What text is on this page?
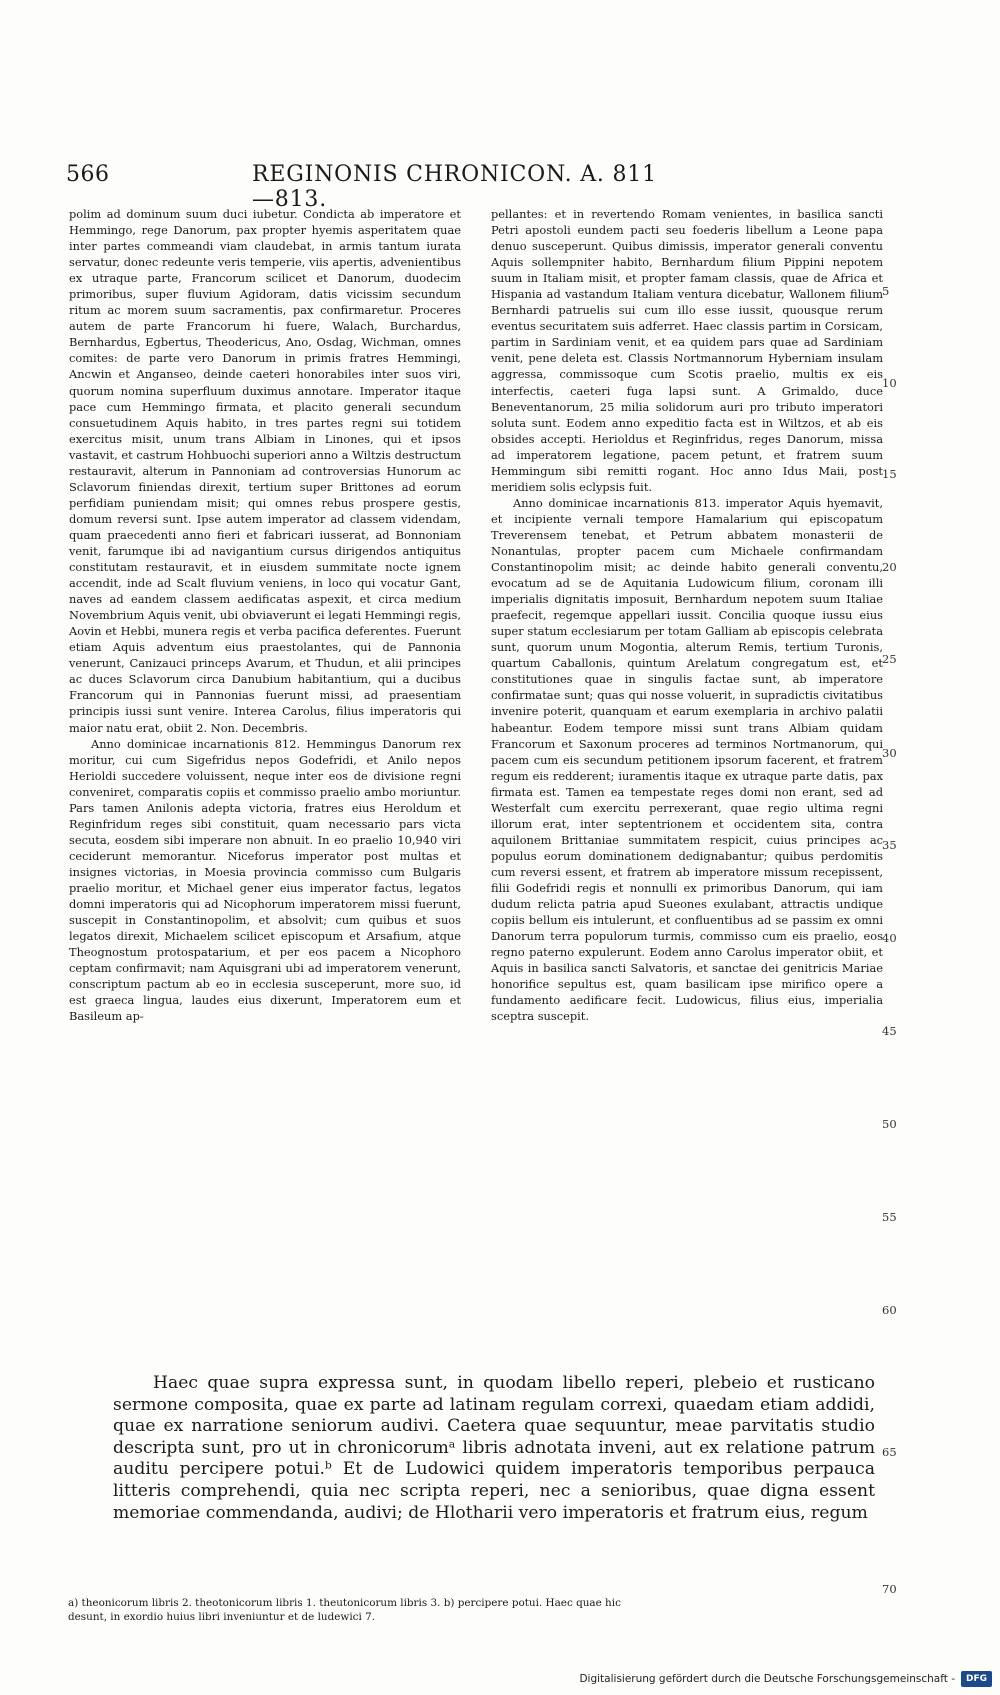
566	REGINONIS CHRONICON. A. 811—813.

polim ad dominum suum duci iubetur. Condicta ab imperatore et Hemmingo, rege Danorum, pax propter hyemis asperitatem quae inter partes commeandi viam claudebat, in armis tantum iurata servatur, donec redeunte veris temperie, viis apertis, advenientibus ex utraque parte, Francorum scilicet et Danorum, duodecim primoribus, super fluvium Agidoram, datis vicissim secundum ritum ac morem suum sacramentis, pax confirmaretur. Proceres autem de parte Francorum hi fuere, Walach, Burchardus, Bernhardus, Egbertus, Theodericus, Ano, Osdag, Wichman, omnes comites: de parte vero Danorum in primis fratres Hemmingi, Ancwin et Anganseo, deinde caeteri honorabiles inter suos viri, quorum nomina superfluum duximus annotare. Imperator itaque pace cum Hemmingo firmata, et placito generali secundum consuetudinem Aquis habito, in tres partes regni sui totidem exercitus misit, unum trans Albiam in Linones, qui et ipsos vastavit, et castrum Hohbuochi superiori anno a Wiltzis destructum restauravit, alterum in Pannoniam ad controversias Hunorum ac Sclavorum finiendas direxit, tertium super Brittones ad eorum perfidiam puniendam misit; qui omnes rebus prospere gestis, domum reversi sunt. Ipse autem imperator ad classem videndam, quam praecedenti anno fieri et fabricari iusserat, ad Bonnoniam venit, farumque ibi ad navigantium cursus dirigendos antiquitus constitutam restauravit, et in eiusdem summitate nocte ignem accendit, inde ad Scalt fluvium veniens, in loco qui vocatur Gant, naves ad eandem classem aedificatas aspexit, et circa medium Novembrium Aquis venit, ubi obviaverunt ei legati Hemmingi regis, Aovin et Hebbi, munera regis et verba pacifica deferentes. Fuerunt etiam Aquis adventum eius praestolantes, qui de Pannonia venerunt, Canizauci princeps Avarum, et Thudun, et alii principes ac duces Sclavorum circa Danubium habitantium, qui a ducibus Francorum qui in Pannonias fuerunt missi, ad praesentiam principis iussi sunt venire. Interea Carolus, filius imperatoris qui maior natu erat, obiit 2. Non. Decembris.

Anno dominicae incarnationis 812. Hemmingus Danorum rex moritur, cui cum Sigefridus nepos Godefridi, et Anilo nepos Herioldi succedere voluissent, neque inter eos de divisione regni conveniret, comparatis copiis et commisso praelio ambo moriuntur. Pars tamen Anilonis adepta victoria, fratres eius Heroldum et Reginfridum reges sibi constituit, quam necessario pars victa secuta, eosdem sibi imperare non abnuit. In eo praelio 10,940 viri ceciderunt memorantur. Niceforus imperator post multas et insignes victorias, in Moesia provincia commisso cum Bulgaris praelio moritur, et Michael gener eius imperator factus, legatos domni imperatoris qui ad Nicophorum imperatorem missi fuerunt, suscepit in Constantinopolim, et absolvit; cum quibus et suos legatos direxit, Michaelem scilicet episcopum et Arsafium, atque Theognostum protospatarium, et per eos pacem a Nicophoro ceptam confirmavit; nam Aquisgrani ubi ad imperatorem venerunt, conscriptum pactum ab eo in ecclesia susceperunt, more suo, id est graeca lingua, laudes eius dixerunt, Imperatorem eum et Basileum ap-

pellantes: et in revertendo Romam venientes, in basilica sancti Petri apostoli eundem pacti seu foederis libellum a Leone papa denuo susceperunt. Quibus dimissis, imperator generali conventu Aquis sollempniter habito, Bernhardum filium Pippini nepotem suum in Italiam misit, et propter famam classis, quae de Africa et Hispania ad vastandum Italiam ventura dicebatur, Wallonem filium Bernhardi patruelis sui cum illo esse iussit, quousque rerum eventus securitatem suis adferret. Haec classis partim in Corsicam, partim in Sardiniam venit, et ea quidem pars quae ad Sardiniam venit, pene deleta est. Classis Nortmannorum Hyberniam insulam aggressa, commissoque cum Scotis praelio, multis ex eis interfectis, caeteri fuga lapsi sunt. A Grimaldo, duce Beneventanorum, 25 milia solidorum auri pro tributo imperatori soluta sunt. Eodem anno expeditio facta est in Wiltzos, et ab eis obsides accepti. Herioldus et Reginfridus, reges Danorum, missa ad imperatorem legatione, pacem petunt, et fratrem suum Hemmingum sibi remitti rogant. Hoc anno Idus Maii, post meridiem solis eclypsis fuit.

Anno dominicae incarnationis 813. imperator Aquis hyemavit, et incipiente vernali tempore Hamalarium qui episcopatum Treverensem tenebat, et Petrum abbatem monasterii de Nonantulas, propter pacem cum Michaele confirmandam Constantinopolim misit; ac deinde habito generali conventu, evocatum ad se de Aquitania Ludowicum filium, coronam illi imperialis dignitatis imposuit, Bernhardum nepotem suum Italiae praefecit, regemque appellari iussit. Concilia quoque iussu eius super statum ecclesiarum per totam Galliam ab episcopis celebrata sunt, quorum unum Mogontia, alterum Remis, tertium Turonis, quartum Caballonis, quintum Arelatum congregatum est, et constitutiones quae in singulis factae sunt, ab imperatore confirmatae sunt; quas qui nosse voluerit, in supradictis civitatibus invenire poterit, quanquam et earum exemplaria in archivo palatii habeantur. Eodem tempore missi sunt trans Albiam quidam Francorum et Saxonum proceres ad terminos Nortmanorum, qui pacem cum eis secundum petitionem ipsorum facerent, et fratrem regum eis redderent; iuramentis itaque ex utraque parte datis, pax firmata est. Tamen ea tempestate reges domi non erant, sed ad Westerfalt cum exercitu perrexerant, quae regio ultima regni illorum erat, inter septentrionem et occidentem sita, contra aquilonem Brittaniae summitatem respicit, cuius principes ac populus eorum dominationem dedignabantur; quibus perdomitis cum reversi essent, et fratrem ab imperatore missum recepissent, filii Godefridi regis et nonnulli ex primoribus Danorum, qui iam dudum relicta patria apud Sueones exulabant, attractis undique copiis bellum eis intulerunt, et confluentibus ad se passim ex omni Danorum terra populorum turmis, commisso cum eis praelio, eos regno paterno expulerunt. Eodem anno Carolus imperator obiit, et Aquis in basilica sancti Salvatoris, et sanctae dei genitricis Mariae honorifice sepultus est, quam basilicam ipse mirifico opere a fundamento aedificare fecit. Ludowicus, filius eius, imperialia sceptra suscepit.

5
10
15
20
25
30
35
40
45
50
55
60
65
70

Haec quae supra expressa sunt, in quodam libello reperi, plebeio et rusticano sermone composita, quae ex parte ad latinam regulam correxi, quaedam etiam addidi, quae ex narratione seniorum audivi. Caetera quae sequuntur, meae parvitatis studio descripta sunt, pro ut in chronicorumᵃ libris adnotata inveni, aut ex relatione patrum auditu percipere potui.ᵇ Et de Ludowici quidem imperatoris temporibus perpauca litteris comprehendi, quia nec scripta reperi, nec a senioribus, quae digna essent memoriae commendanda, audivi; de Hlotharii vero imperatoris et fratrum eius, regum

a) theonicorum libris 2. theotonicorum libris 1. theutonicorum libris 3. b) percipere potui. Haec quae hic

desunt, in exordio huius libri inveniuntur et de ludewici 7.

Digitalisierung gefördert durch die Deutsche Forschungsgemeinschaft -	DFG
